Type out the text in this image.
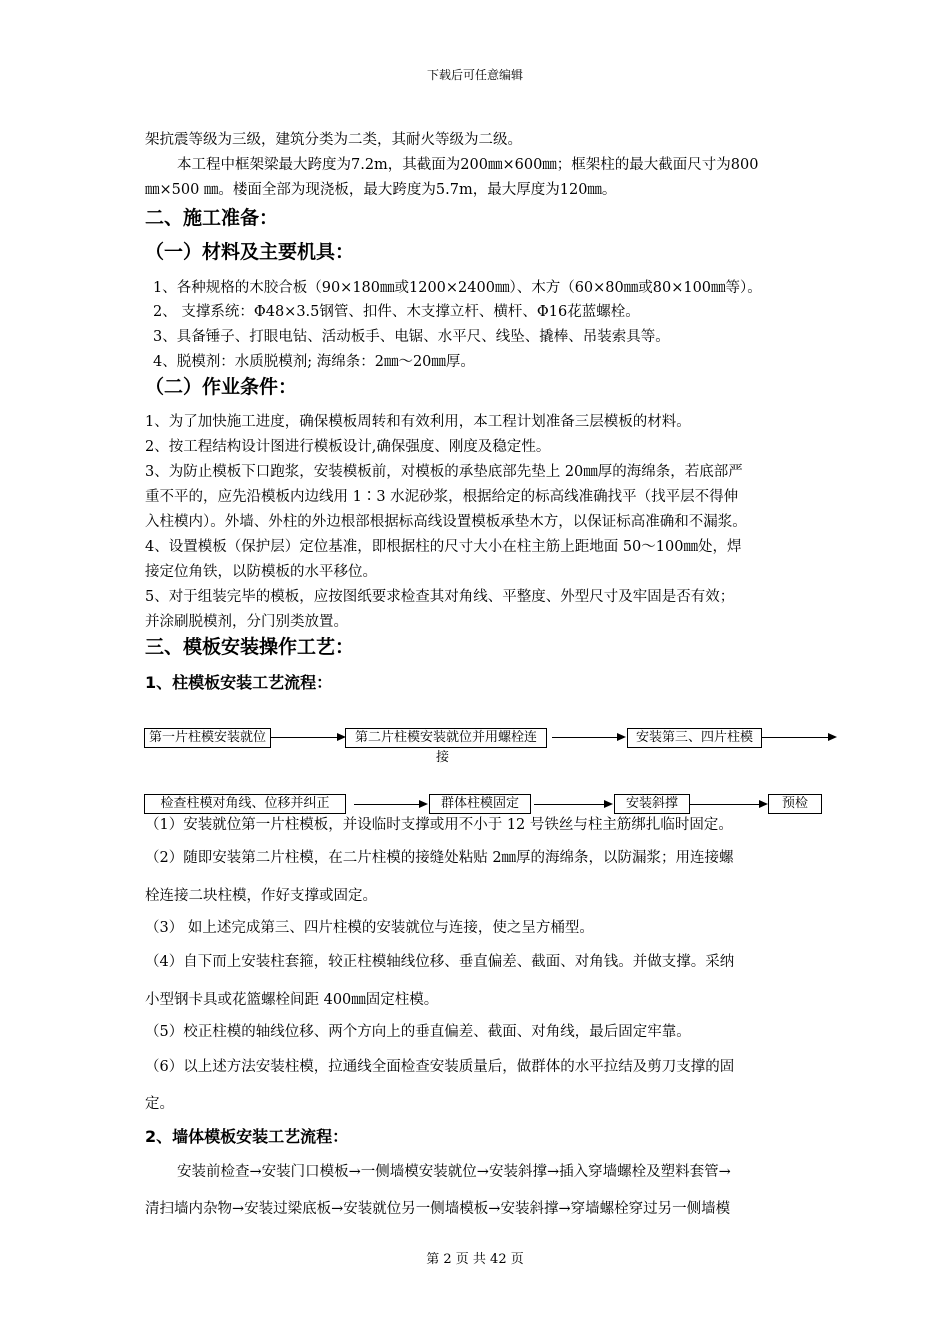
下载后可任意编辑
架抗震等级为三级，建筑分类为二类，其耐火等级为二级。
本工程中框架梁最大跨度为7.2m，其截面为200㎜×600㎜；框架柱的最大截面尺寸为800
㎜×500 ㎜。楼面全部为现浇板，最大跨度为5.7m，最大厚度为120㎜。
二、施工准备：
（一）材料及主要机具：
1、各种规格的木胶合板（90×180㎜或1200×2400㎜）、木方（60×80㎜或80×100㎜等）。
2、 支撑系统：Φ48×3.5钢管、扣件、木支撑立杆、横杆、Φ16花蓝螺栓。
3、具备锤子、打眼电钻、活动板手、电锯、水平尺、线坠、撬棒、吊装索具等。
4、脱模剂：水质脱模剂; 海绵条：2㎜～20㎜厚。
（二）作业条件：
1、为了加快施工进度，确保模板周转和有效利用，本工程计划准备三层模板的材料。
2、按工程结构设计图进行模板设计,确保强度、刚度及稳定性。
3、为防止模板下口跑浆，安装模板前，对模板的承垫底部先垫上 20㎜厚的海绵条，若底部严
重不平的，应先沿模板内边线用 1∶3 水泥砂浆，根据给定的标高线准确找平（找平层不得伸
入柱模内）。外墙、外柱的外边根部根据标高线设置模板承垫木方，以保证标高准确和不漏浆。
4、设置模板（保护层）定位基准，即根据柱的尺寸大小在柱主筋上距地面 50～100㎜处，焊
接定位角铁，以防模板的水平移位。
5、对于组装完毕的模板，应按图纸要求检查其对角线、平整度、外型尺寸及牢固是否有效；
并涂刷脱模剂，分门别类放置。
三、模板安装操作工艺：
1、柱模板安装工艺流程：
第一片柱模安装就位	第二片柱模安装就位并用螺栓连
接
安装第三、四片柱模
检查柱模对角线、位移并纠正	群体柱模固定	安装斜撑	预检
（1）安装就位第一片柱模板，并设临时支撑或用不小于 12 号铁丝与柱主筋绑扎临时固定。
（2）随即安装第二片柱模，在二片柱模的接缝处粘贴 2㎜厚的海绵条，以防漏浆；用连接螺
栓连接二块柱模，作好支撑或固定。
（3） 如上述完成第三、四片柱模的安装就位与连接，使之呈方桶型。
（4）自下而上安装柱套箍，较正柱模轴线位移、垂直偏差、截面、对角钱。并做支撑。采纳
小型钢卡具或花篮螺栓间距 400㎜固定柱模。
（5）校正柱模的轴线位移、两个方向上的垂直偏差、截面、对角线，最后固定牢靠。
（6）以上述方法安装柱模，拉通线全面检查安装质量后，做群体的水平拉结及剪刀支撑的固
定。
2、墙体模板安装工艺流程：
安装前检查→安装门口模板→一侧墙模安装就位→安装斜撑→插入穿墙螺栓及塑料套管→
清扫墙内杂物→安装过梁底板→安装就位另一侧墙模板→安装斜撑→穿墙螺栓穿过另一侧墙模
第 2 页 共 42 页
